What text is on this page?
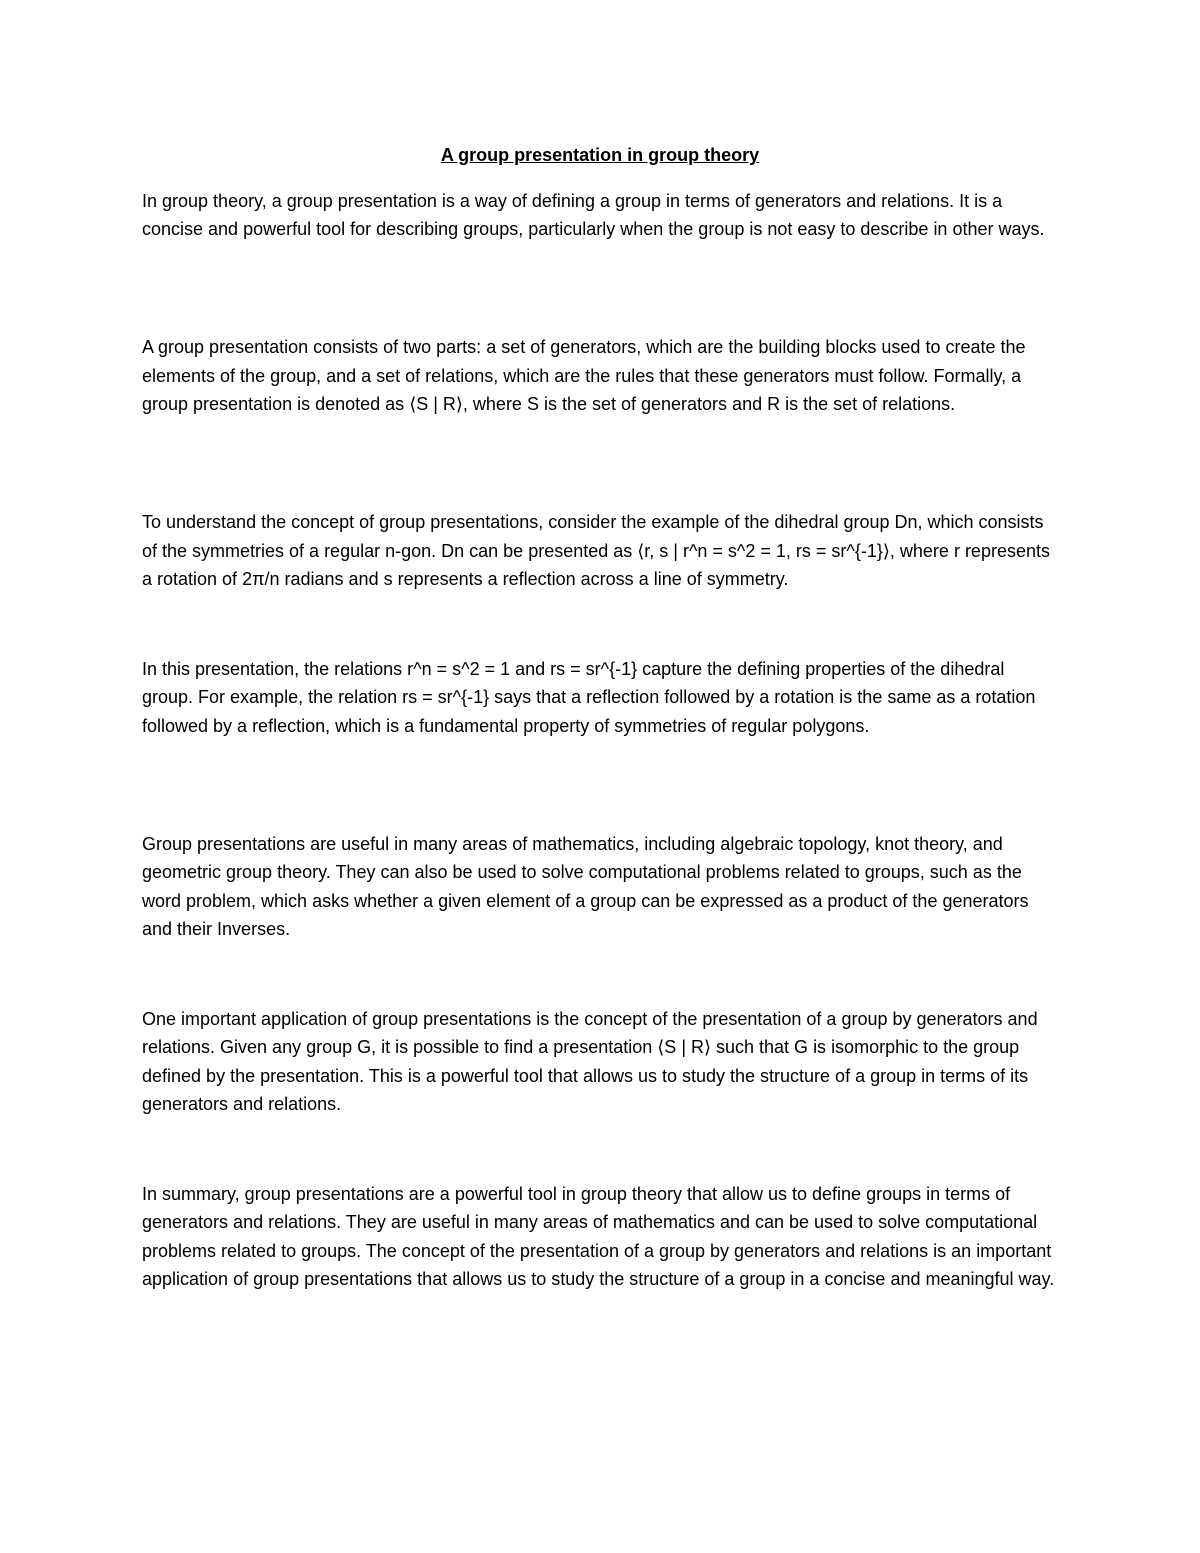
A group presentation in group theory

In group theory, a group presentation is a way of defining a group in terms of generators and relations. It is a concise and powerful tool for describing groups, particularly when the group is not easy to describe in other ways.

A group presentation consists of two parts: a set of generators, which are the building blocks used to create the elements of the group, and a set of relations, which are the rules that these generators must follow. Formally, a group presentation is denoted as ⟨S | R⟩, where S is the set of generators and R is the set of relations.

To understand the concept of group presentations, consider the example of the dihedral group Dn, which consists of the symmetries of a regular n-gon. Dn can be presented as ⟨r, s | r^n = s^2 = 1, rs = sr^{-1}⟩, where r represents a rotation of 2π/n radians and s represents a reflection across a line of symmetry.

In this presentation, the relations r^n = s^2 = 1 and rs = sr^{-1} capture the defining properties of the dihedral group. For example, the relation rs = sr^{-1} says that a reflection followed by a rotation is the same as a rotation followed by a reflection, which is a fundamental property of symmetries of regular polygons.

Group presentations are useful in many areas of mathematics, including algebraic topology, knot theory, and geometric group theory. They can also be used to solve computational problems related to groups, such as the word problem, which asks whether a given element of a group can be expressed as a product of the generators and their Inverses.

One important application of group presentations is the concept of the presentation of a group by generators and relations. Given any group G, it is possible to find a presentation ⟨S | R⟩ such that G is isomorphic to the group defined by the presentation. This is a powerful tool that allows us to study the structure of a group in terms of its generators and relations.

In summary, group presentations are a powerful tool in group theory that allow us to define groups in terms of generators and relations. They are useful in many areas of mathematics and can be used to solve computational problems related to groups. The concept of the presentation of a group by generators and relations is an important application of group presentations that allows us to study the structure of a group in a concise and meaningful way.
